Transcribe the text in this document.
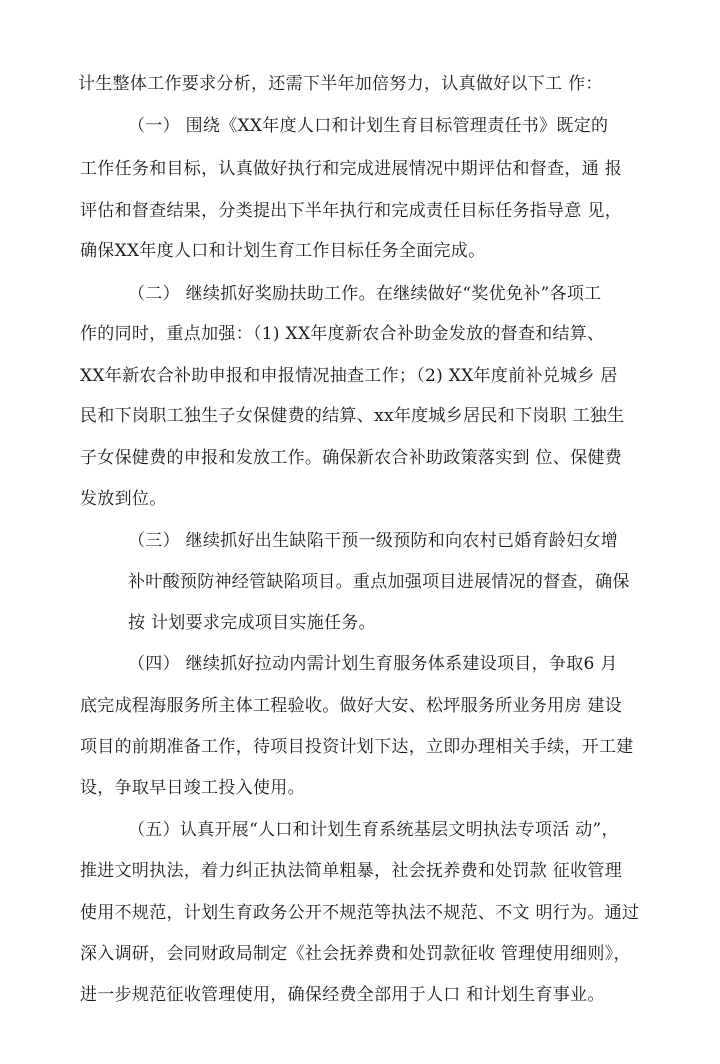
计生整体工作要求分析，还需下半年加倍努力，认真做好以下工 作：
（一） 围绕《XX年度人口和计划生育目标管理责任书》既定的
工作任务和目标，认真做好执行和完成进展情况中期评估和督查，通 报
评估和督查结果，分类提出下半年执行和完成责任目标任务指导意 见，
确保XX年度人口和计划生育工作目标任务全面完成。
（二） 继续抓好奖励扶助工作。在继续做好“奖优免补”各项工
作的同时，重点加强：（1) XX年度新农合补助金发放的督查和结算、
XX年新农合补助申报和申报情况抽查工作；（2) XX年度前补兑城乡 居
民和下岗职工独生子女保健费的结算、xx年度城乡居民和下岗职 工独生
子女保健费的申报和发放工作。确保新农合补助政策落实到 位、保健费
发放到位。
（三） 继续抓好出生缺陷干预一级预防和向农村已婚育龄妇女增
补叶酸预防神经管缺陷项目。重点加强项目进展情况的督查，确保
按 计划要求完成项目实施任务。
（四） 继续抓好拉动内需计划生育服务体系建设项目，争取6 月
底完成程海服务所主体工程验收。做好大安、松坪服务所业务用房 建设
项目的前期准备工作，待项目投资计划下达，立即办理相关手续，开工建
设，争取早日竣工投入使用。
（五）认真开展“人口和计划生育系统基层文明执法专项活 动”，
推进文明执法，着力纠正执法简单粗暴，社会抚养费和处罚款 征收管理
使用不规范，计划生育政务公开不规范等执法不规范、不文 明行为。通过
深入调研，会同财政局制定《社会抚养费和处罚款征收 管理使用细则》，
进一步规范征收管理使用，确保经费全部用于人口 和计划生育事业。
